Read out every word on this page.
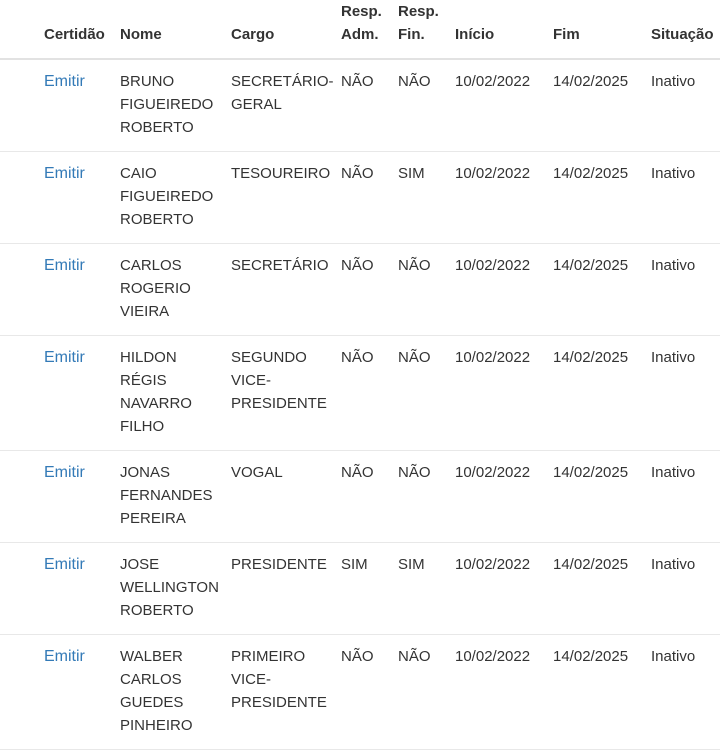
	Certidão	Nome	Cargo	Resp.
Adm.	Resp.
Fin.	Início	Fim	Situação
	Emitir	BRUNO
FIGUEIREDO
ROBERTO	SECRETÁRIO-
GERAL	NÃO	NÃO	10/02/2022	14/02/2025	Inativo
	Emitir	CAIO
FIGUEIREDO
ROBERTO	TESOUREIRO	NÃO	SIM	10/02/2022	14/02/2025	Inativo
	Emitir	CARLOS
ROGERIO
VIEIRA	SECRETÁRIO	NÃO	NÃO	10/02/2022	14/02/2025	Inativo
	Emitir	HILDON
RÉGIS
NAVARRO
FILHO	SEGUNDO
VICE-
PRESIDENTE	NÃO	NÃO	10/02/2022	14/02/2025	Inativo
	Emitir	JONAS
FERNANDES
PEREIRA	VOGAL	NÃO	NÃO	10/02/2022	14/02/2025	Inativo
	Emitir	JOSE
WELLINGTON
ROBERTO	PRESIDENTE	SIM	SIM	10/02/2022	14/02/2025	Inativo
	Emitir	WALBER
CARLOS
GUEDES
PINHEIRO	PRIMEIRO
VICE-
PRESIDENTE	NÃO	NÃO	10/02/2022	14/02/2025	Inativo
